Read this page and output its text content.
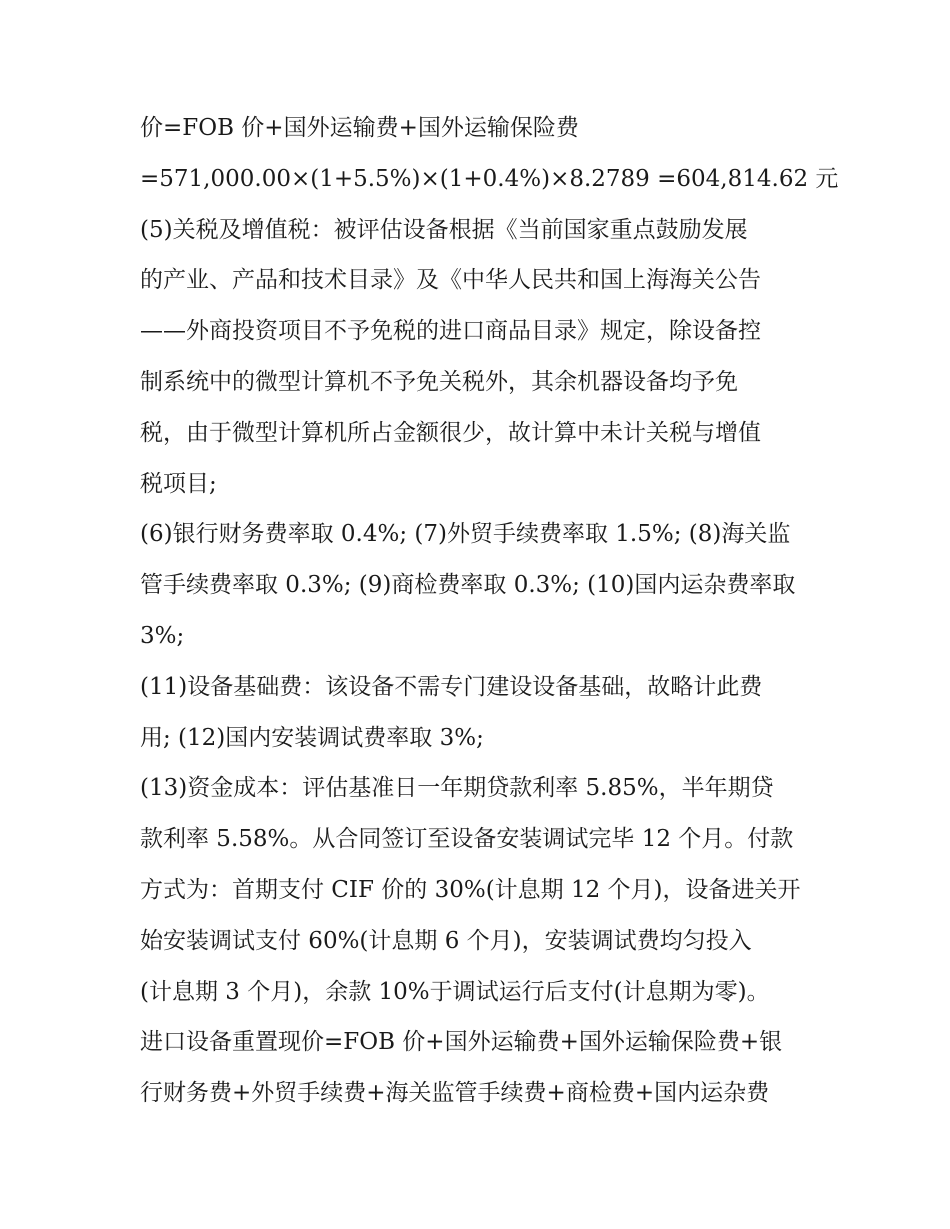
价=FOB 价+国外运输费+国外运输保险费
=571,000.00×(1+5.5%)×(1+0.4%)×8.2789 =604,814.62 元
(5)关税及增值税：被评估设备根据《当前国家重点鼓励发展
的产业、产品和技术目录》及《中华人民共和国上海海关公告
——外商投资项目不予免税的进口商品目录》规定，除设备控
制系统中的微型计算机不予免关税外，其余机器设备均予免
税，由于微型计算机所占金额很少，故计算中未计关税与增值
税项目;
(6)银行财务费率取 0.4%; (7)外贸手续费率取 1.5%; (8)海关监
管手续费率取 0.3%; (9)商检费率取 0.3%; (10)国内运杂费率取
3%;
(11)设备基础费：该设备不需专门建设设备基础，故略计此费
用; (12)国内安装调试费率取 3%;
(13)资金成本：评估基准日一年期贷款利率 5.85%，半年期贷
款利率 5.58%。从合同签订至设备安装调试完毕 12 个月。付款
方式为：首期支付 CIF 价的 30%(计息期 12 个月)，设备进关开
始安装调试支付 60%(计息期 6 个月)，安装调试费均匀投入
(计息期 3 个月)，余款 10%于调试运行后支付(计息期为零)。
进口设备重置现价=FOB 价+国外运输费+国外运输保险费+银
行财务费+外贸手续费+海关监管手续费+商检费+国内运杂费
